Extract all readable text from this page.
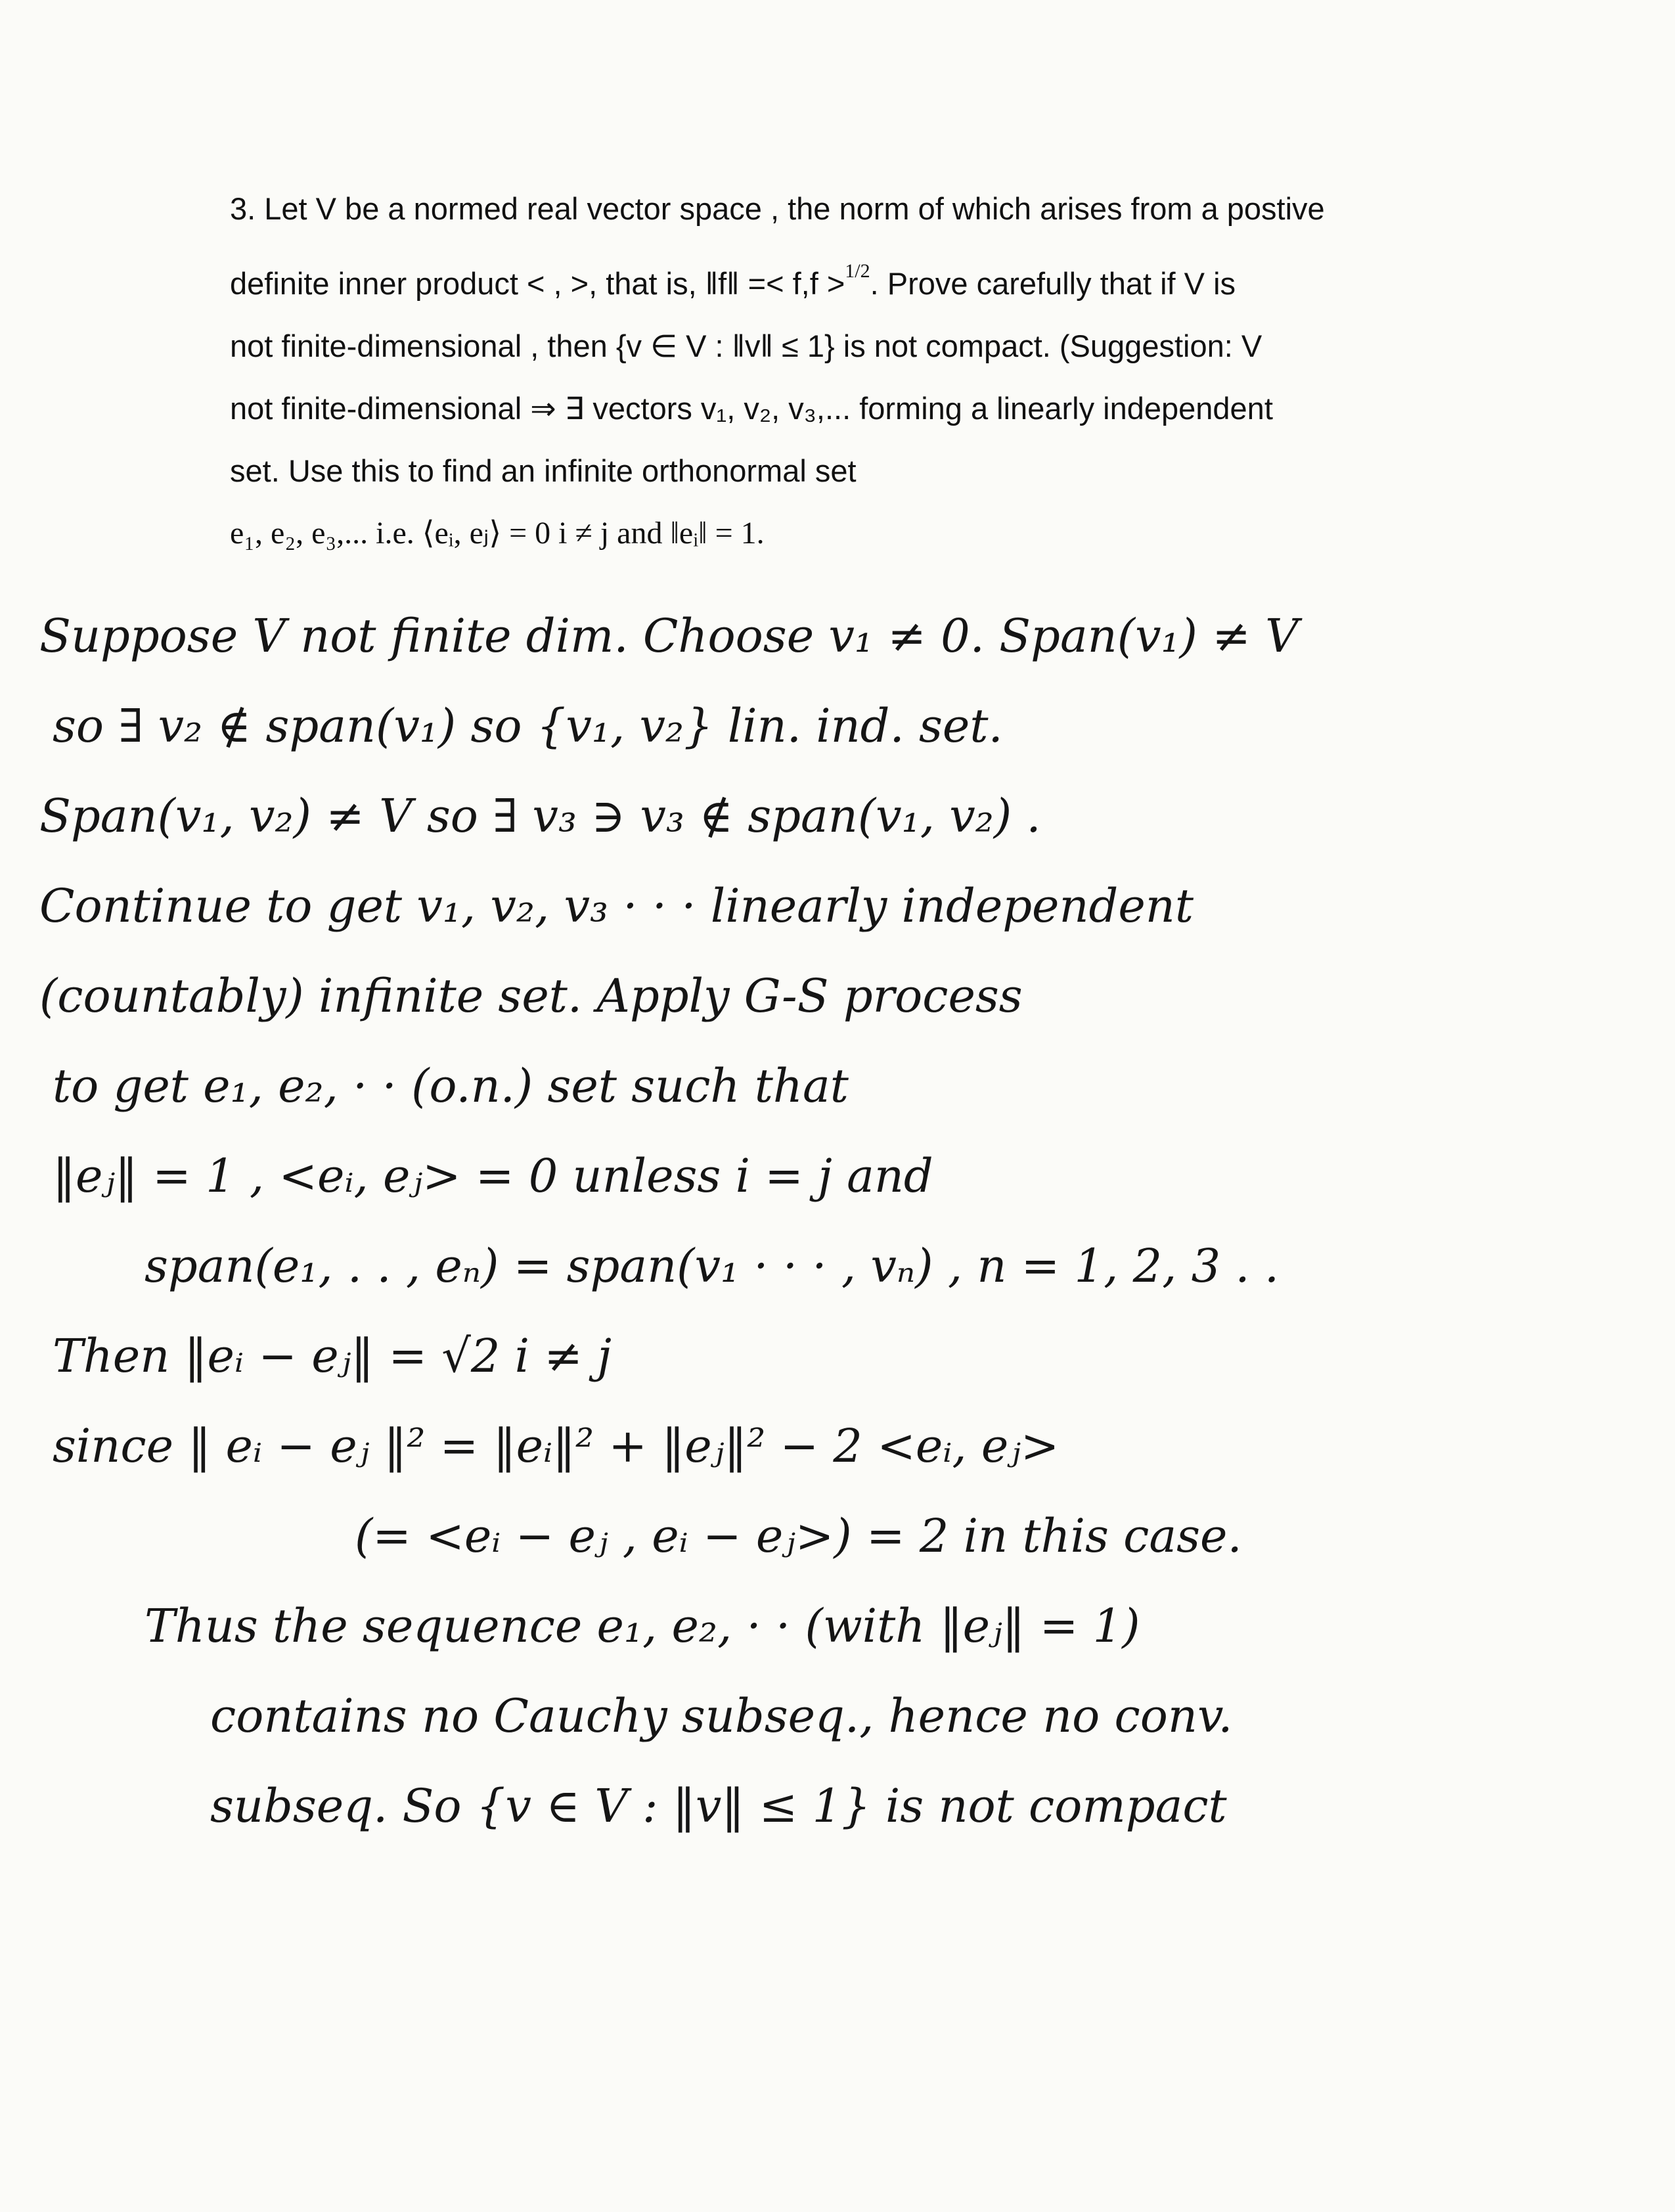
3. Let V be a normed real vector space , the norm of which arises from a postive

definite inner product < , >, that is, ‖f‖ =< f,f >$^{1/2}$. Prove carefully that if V is

not finite-dimensional , then {v ∈ V : ‖v‖ ≤ 1} is not compact. (Suggestion: V

not finite-dimensional ⇒ ∃ vectors v₁, v₂, v₃,... forming a linearly independent

set. Use this to find an infinite orthonormal set

e₁, e₂, e₃,... i.e. ⟨eᵢ, eⱼ⟩ = 0 i ≠ j and ‖eᵢ‖ = 1.

Suppose V not finite dim. Choose v₁ ≠ 0. Span(v₁) ≠ V

so ∃ v₂ ∉ span(v₁) so {v₁, v₂} lin. ind. set.

Span(v₁, v₂) ≠ V so ∃ v₃ ∋ v₃ ∉ span(v₁, v₂) .

Continue to get v₁, v₂, v₃ · · · linearly independent

(countably) infinite set. Apply G-S process

to get e₁, e₂, · · (o.n.) set such that

‖eⱼ‖ = 1 , <eᵢ, eⱼ> = 0 unless i = j and

span(e₁, . . , eₙ) = span(v₁ · · · , vₙ) , n = 1, 2, 3 . .

Then ‖eᵢ − eⱼ‖ = √2 i ≠ j

since ‖ eᵢ − eⱼ ‖² = ‖eᵢ‖² + ‖eⱼ‖² − 2 <eᵢ, eⱼ>

(= <eᵢ − eⱼ , eᵢ − eⱼ>) = 2 in this case.

Thus the sequence e₁, e₂, · · (with ‖eⱼ‖ = 1)

contains no Cauchy subseq., hence no conv.

subseq. So {v ∈ V : ‖v‖ ≤ 1} is not compact
